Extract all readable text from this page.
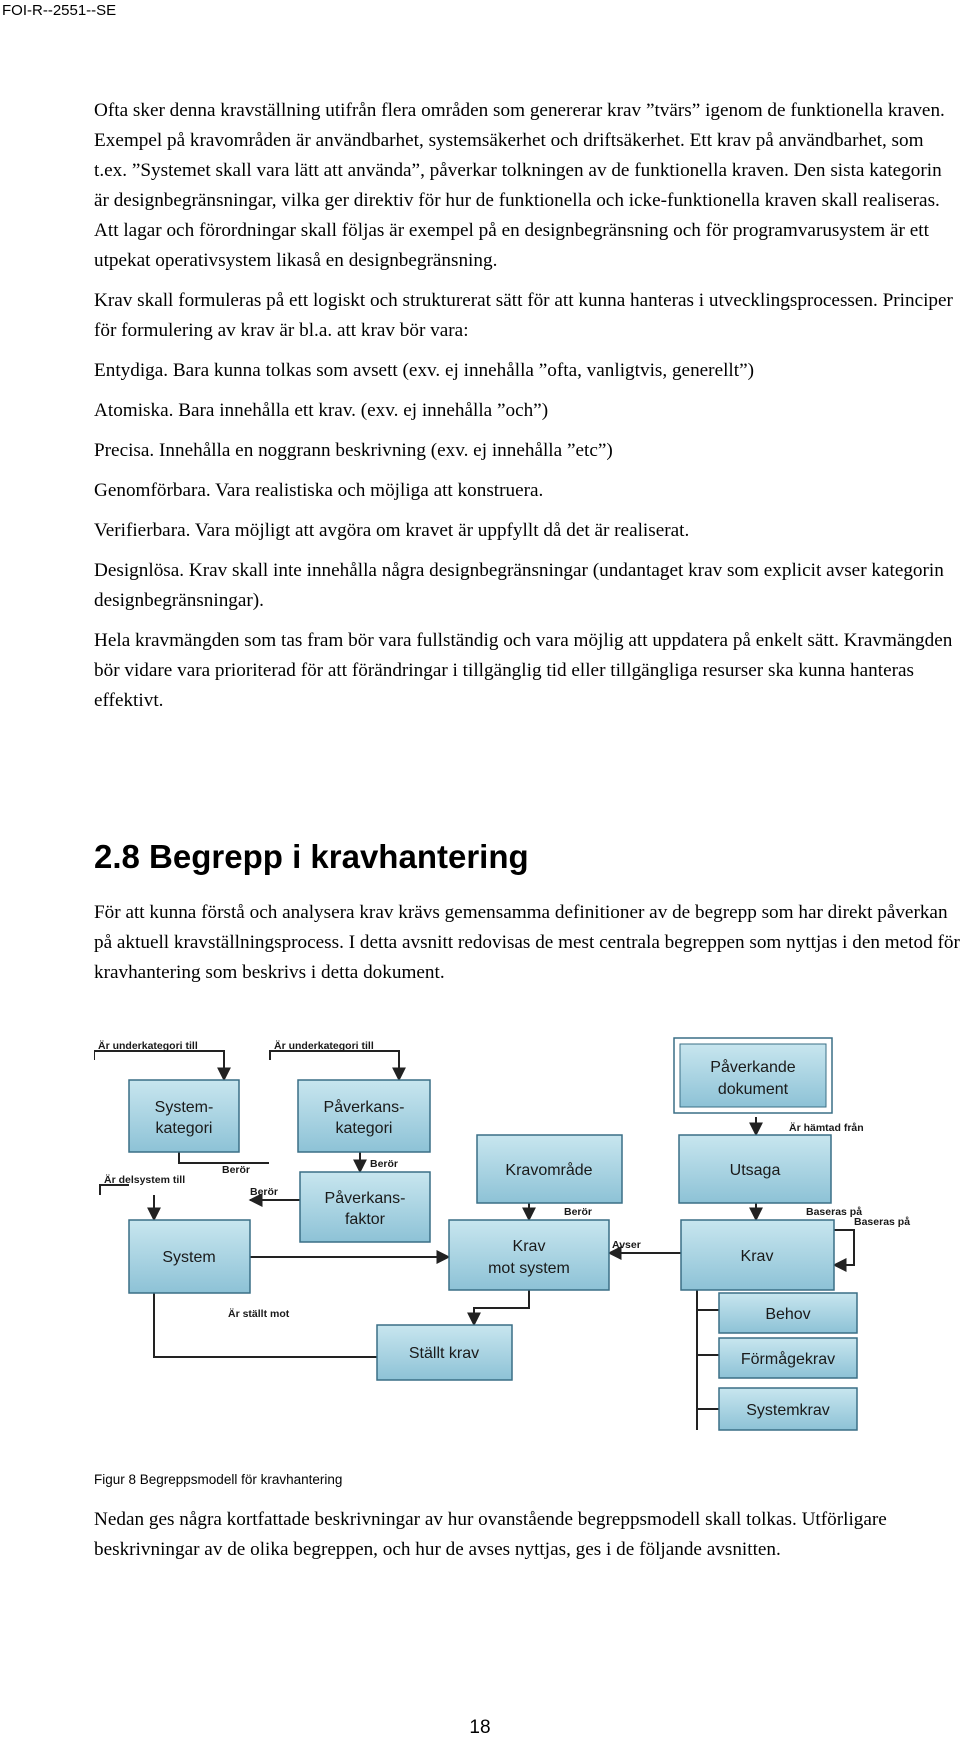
FOI-R--2551--SE

Ofta sker denna kravställning utifrån flera områden som genererar krav ”tvärs” igenom de funktionella kraven. Exempel på kravområden är användbarhet, systemsäkerhet och driftsäkerhet. Ett krav på användbarhet, som t.ex. ”Systemet skall vara lätt att använda”, påverkar tolkningen av de funktionella kraven. Den sista kategorin är designbegränsningar, vilka ger direktiv för hur de funktionella och icke-funktionella kraven skall realiseras. Att lagar och förordningar skall följas är exempel på en designbegränsning och för programvarusystem är ett utpekat operativsystem likaså en designbegränsning.

Krav skall formuleras på ett logiskt och strukturerat sätt för att kunna hanteras i utvecklingsprocessen. Principer för formulering av krav är bl.a. att krav bör vara:

Entydiga. Bara kunna tolkas som avsett (exv. ej innehålla ”ofta, vanligtvis, generellt”)

Atomiska. Bara innehålla ett krav. (exv. ej innehålla ”och”)

Precisa. Innehålla en noggrann beskrivning (exv. ej innehålla ”etc”)

Genomförbara. Vara realistiska och möjliga att konstruera.

Verifierbara. Vara möjligt att avgöra om kravet är uppfyllt då det är realiserat.

Designlösa. Krav skall inte innehålla några designbegränsningar (undantaget krav som explicit avser kategorin designbegränsningar).

Hela kravmängden som tas fram bör vara fullständig och vara möjlig att uppdatera på enkelt sätt. Kravmängden bör vidare vara prioriterad för att förändringar i tillgänglig tid eller tillgängliga resurser ska kunna hanteras effektivt.

2.8 Begrepp i kravhantering

För att kunna förstå och analysera krav krävs gemensamma definitioner av de begrepp som har direkt påverkan på aktuell kravställningsprocess. I detta avsnitt redovisas de mest centrala begreppen som nyttjas i den metod för kravhantering som beskrivs i detta dokument.

System-
kategori
Påverkans-
kategori
Påverkande
dokument
Kravområde	Utsaga
Påverkans-
faktor
System
Krav
mot system
Krav
Ställt krav
Behov
Förmågekrav
Systemkrav
Är underkategori till	Är underkategori till
Är hämtad från
Berör	Berör
Är delsystem till
Berör
Berör	Baseras på
Baseras på
Avser
Är ställt mot
Figur 8 Begreppsmodell för kravhantering

Nedan ges några kortfattade beskrivningar av hur ovanstående begreppsmodell skall tolkas. Utförligare beskrivningar av de olika begreppen, och hur de avses nyttjas, ges i de följande avsnitten.

18
